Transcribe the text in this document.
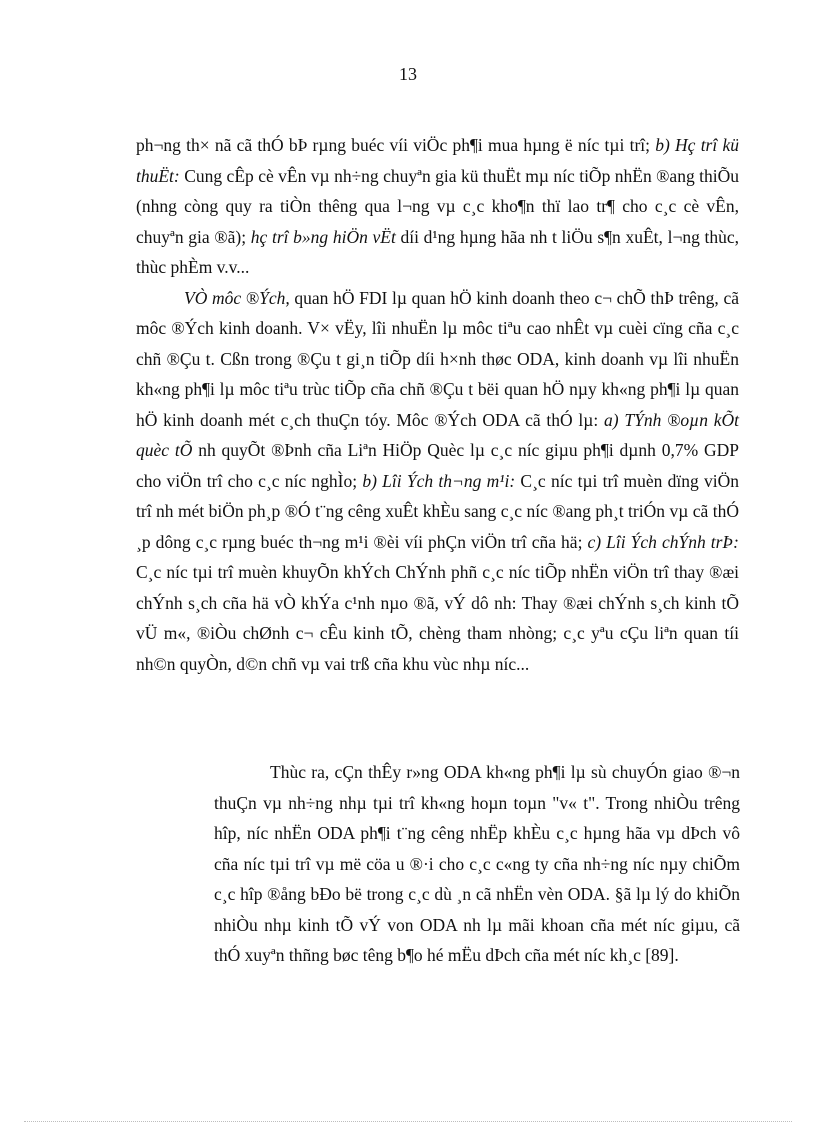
13

ph¬ng th× nã cã thÓ bÞ rµng buéc víi viÖc ph¶i mua hµng ë níc tµi trî; b) Hç trî kü thuËt: Cung cÊp cè vÊn vµ nh÷ng chuyªn gia kü thuËt mµ níc tiÕp nhËn ®ang thiÕu (nhng còng quy ra tiÒn thêng qua l¬ng vµ c¸c kho¶n thï lao tr¶ cho c¸c cè vÊn, chuyªn gia ®ã); hç trî b»ng hiÖn vËt díi d¹ng hµng hãa nh t liÖu s¶n xuÊt, l¬ng thùc, thùc phÈm v.v...

VÒ môc ®Ých, quan hÖ FDI lµ quan hÖ kinh doanh theo c¬ chÕ thÞ trêng, cã môc ®Ých kinh doanh. V× vËy, lîi nhuËn lµ môc tiªu cao nhÊt vµ cuèi cïng cña c¸c chñ ®Çu t. Cßn trong ®Çu t gi¸n tiÕp díi h×nh thøc ODA, kinh doanh vµ lîi nhuËn kh«ng ph¶i lµ môc tiªu trùc tiÕp cña chñ ®Çu t bëi quan hÖ nµy kh«ng ph¶i lµ quan hÖ kinh doanh mét c¸ch thuÇn tóy. Môc ®Ých ODA cã thÓ lµ: a) TÝnh ®oµn kÕt quèc tÕ nh quyÕt ®Þnh cña Liªn HiÖp Quèc lµ c¸c níc giµu ph¶i dµnh 0,7% GDP cho viÖn trî cho c¸c níc nghÌo; b) Lîi Ých th¬ng m¹i: C¸c níc tµi trî muèn dïng viÖn trî nh mét biÖn ph¸p ®Ó t¨ng cêng xuÊt khÈu sang c¸c níc ®ang ph¸t triÓn vµ cã thÓ ¸p dông c¸c rµng buéc th¬ng m¹i ®èi víi phÇn viÖn trî cña hä; c) Lîi Ých chÝnh trÞ: C¸c níc tµi trî muèn khuyÕn khÝch ChÝnh phñ c¸c níc tiÕp nhËn viÖn trî thay ®æi chÝnh s¸ch cña hä vÒ khÝa c¹nh nµo ®ã, vÝ dô nh: Thay ®æi chÝnh s¸ch kinh tÕ vÜ m«, ®iÒu chØnh c¬ cÊu kinh tÕ, chèng tham nhòng; c¸c yªu cÇu liªn quan tíi nh©n quyÒn, d©n chñ vµ vai trß cña khu vùc nhµ níc...

Thùc ra, cÇn thÊy r»ng ODA kh«ng ph¶i lµ sù chuyÓn giao ®¬n thuÇn vµ nh÷ng nhµ tµi trî kh«ng hoµn toµn "v« t". Trong nhiÒu trêng hîp, níc nhËn ODA ph¶i t¨ng cêng nhËp khÈu c¸c hµng hãa vµ dÞch vô cña níc tµi trî vµ më cöa u ®·i cho c¸c c«ng ty cña nh÷ng níc nµy chiÕm c¸c hîp ®ång bÐo bë trong c¸c dù ¸n cã nhËn vèn ODA. §ã lµ lý do khiÕn nhiÒu nhµ kinh tÕ vÝ von ODA nh lµ mãi khoan cña mét níc giµu, cã thÓ xuyªn thñng bøc têng b¶o hé mËu dÞch cña mét níc kh¸c [89].
